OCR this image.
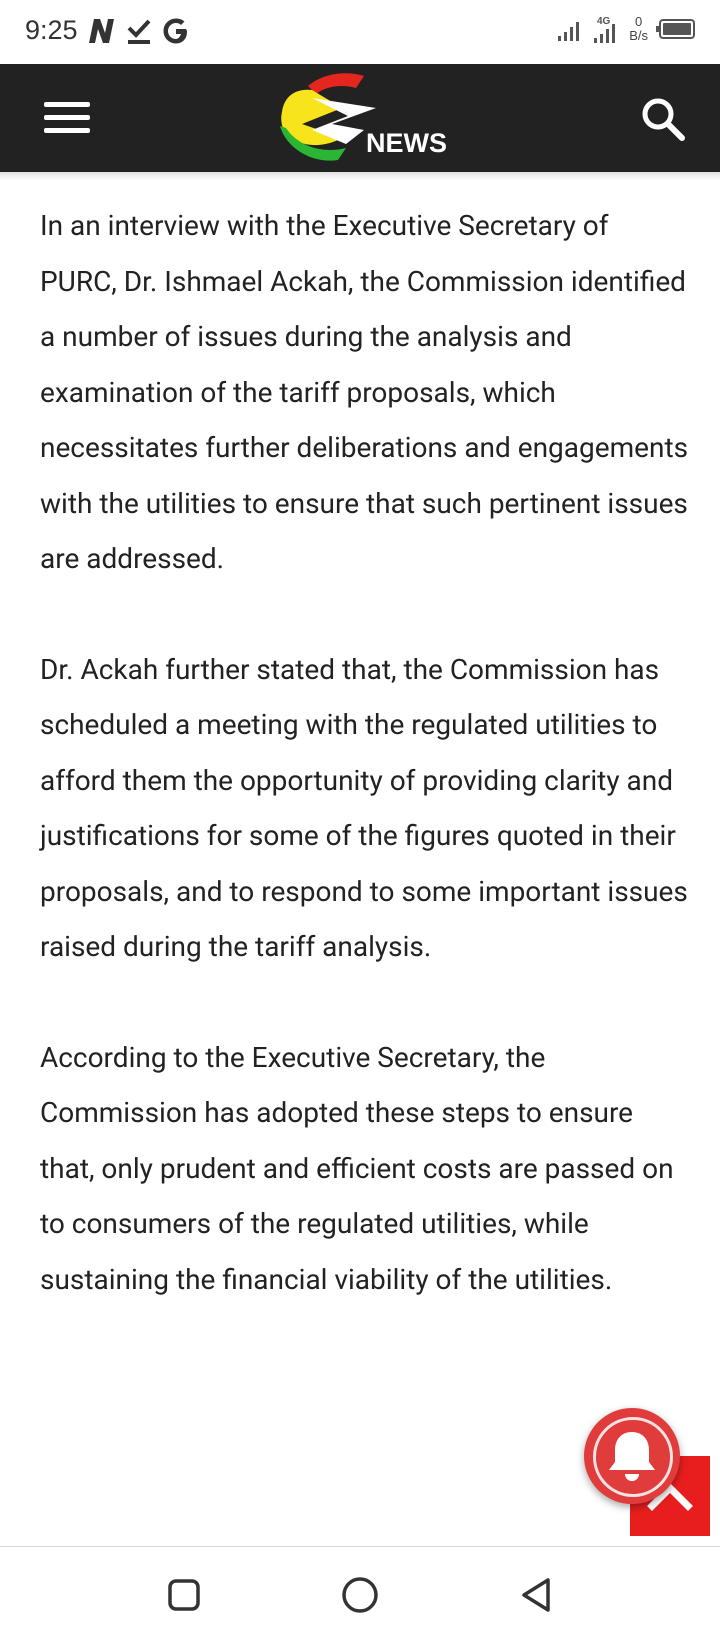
9:25	4G 0
B/s
NEWS

In an interview with the Executive Secretary of PURC, Dr. Ishmael Ackah, the Commission identified a number of issues during the analysis and examination of the tariff proposals, which necessitates further deliberations and engagements with the utilities to ensure that such pertinent issues are addressed.

Dr. Ackah further stated that, the Commission has scheduled a meeting with the regulated utilities to afford them the opportunity of providing clarity and justifications for some of the figures quoted in their proposals, and to respond to some important issues

raised during the tariff analysis.

According to the Executive Secretary, the Commission has adopted these steps to ensure that, only prudent and efficient costs are passed on to consumers of the regulated utilities, while sustaining the financial viability of the utilities.
